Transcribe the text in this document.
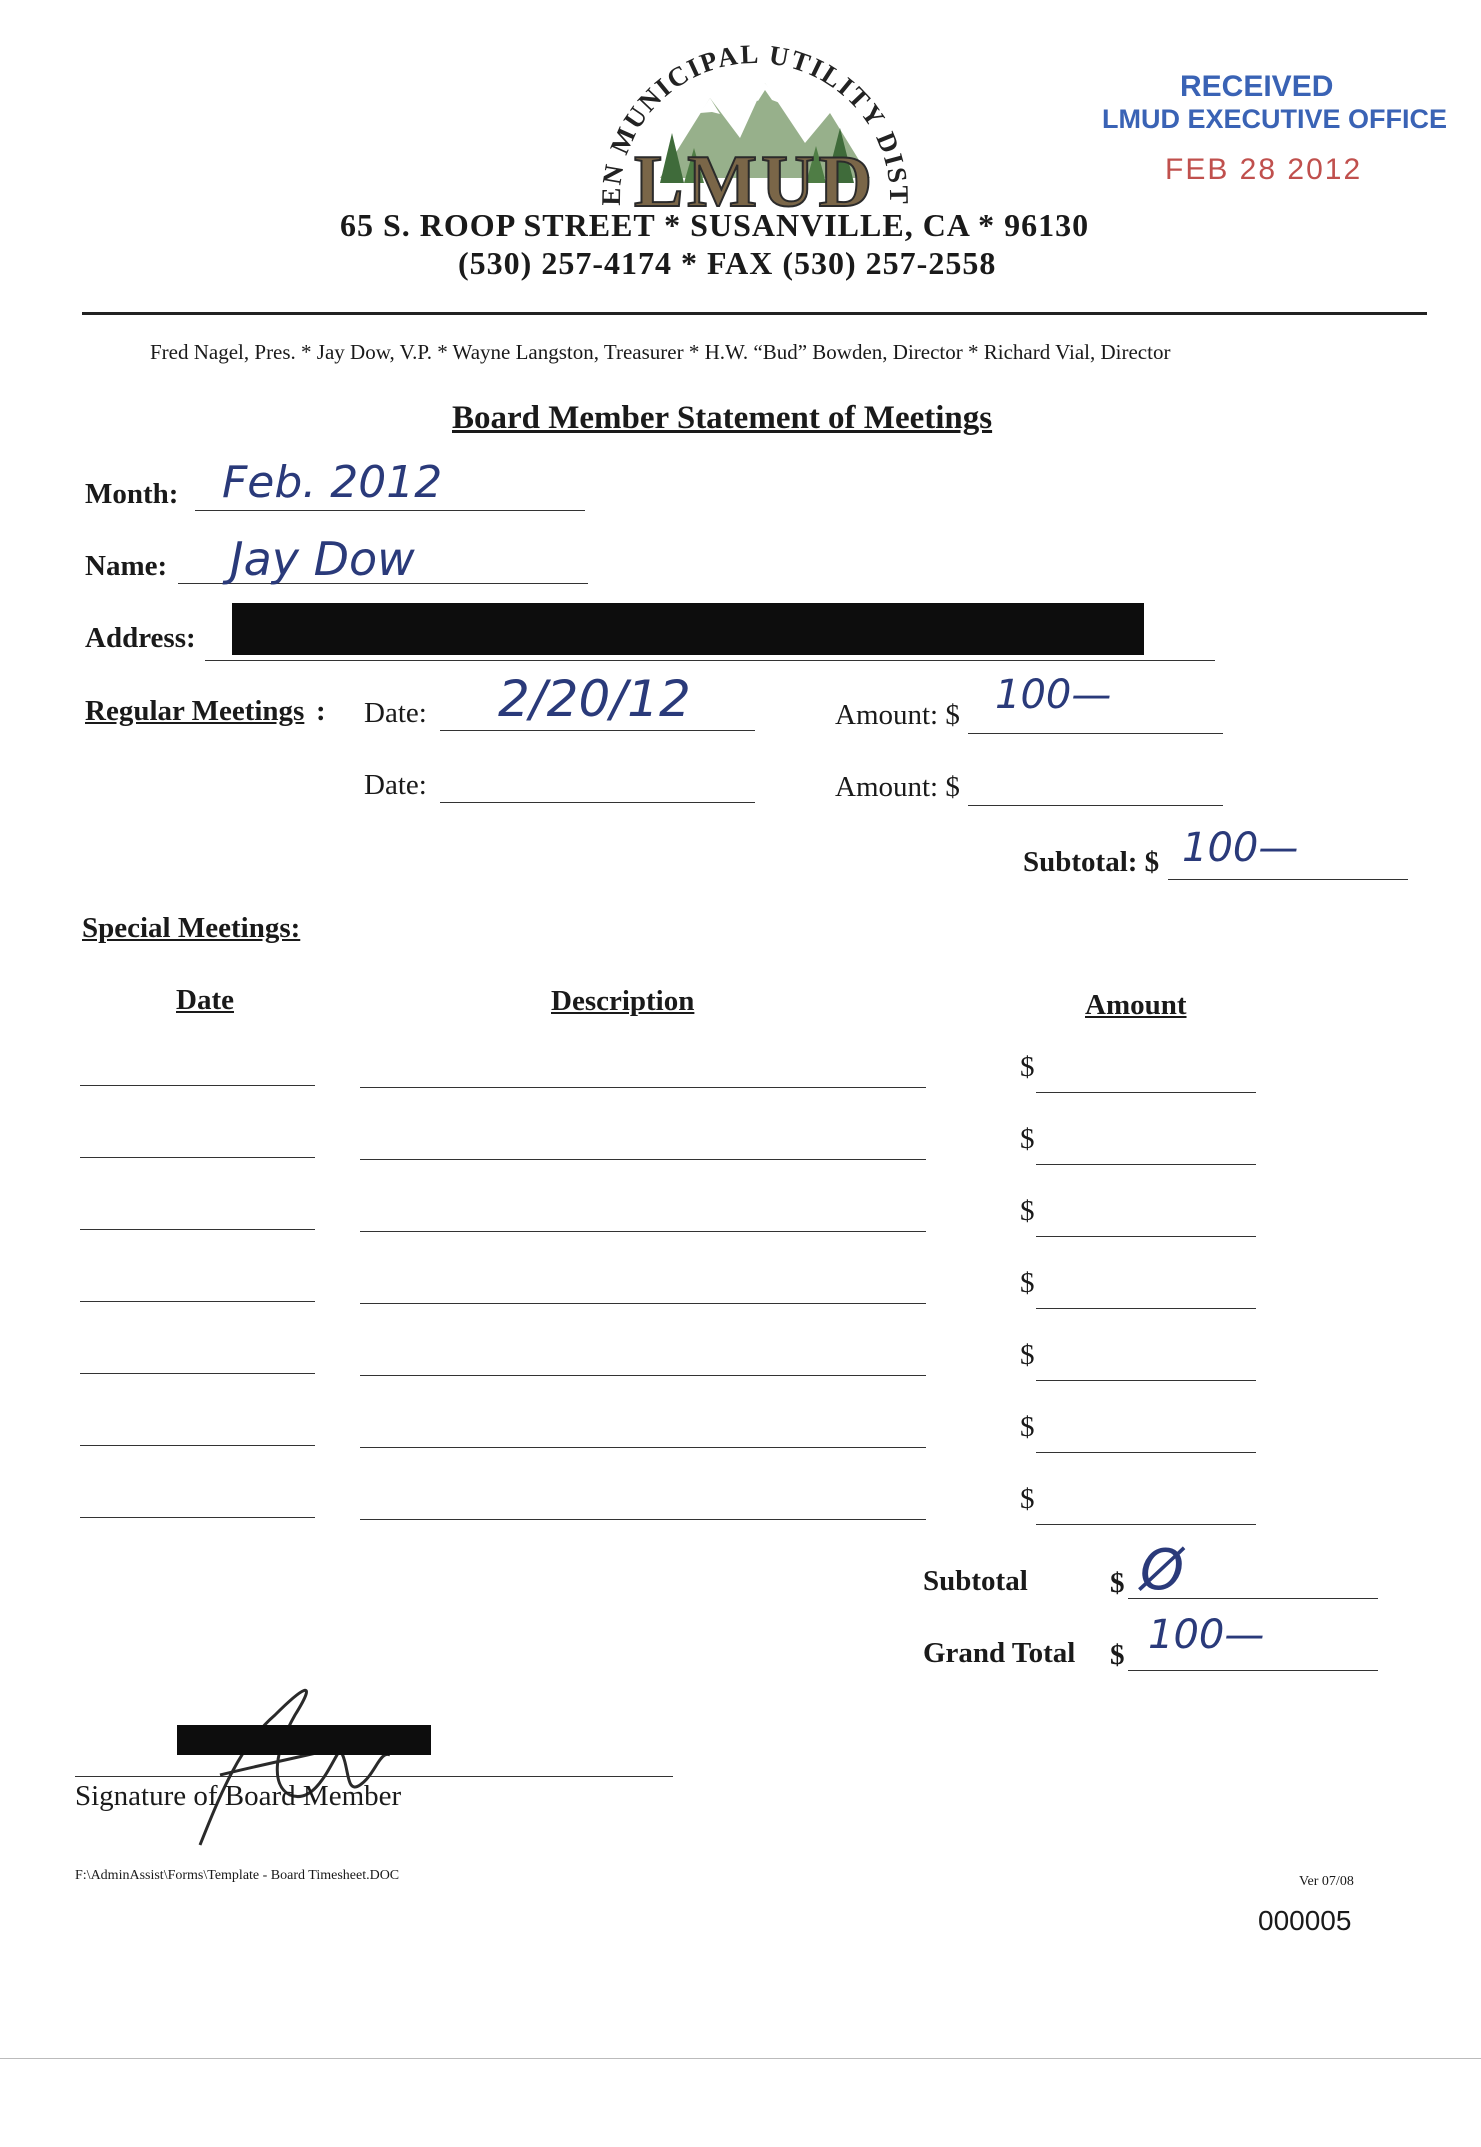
EN MUNICIPAL UTILITY DIST
LMUD
65 S. ROOP STREET * SUSANVILLE, CA * 96130
(530) 257-4174 * FAX (530) 257-2558
RECEIVED
LMUD EXECUTIVE OFFICE
FEB 28 2012
Fred Nagel, Pres. * Jay Dow, V.P. * Wayne Langston, Treasurer * H.W. “Bud” Bowden, Director * Richard Vial, Director
Board Member Statement of Meetings
Month: Feb. 2012
Name: Jay Dow
Address:
Regular Meetings : Date: 2/20/12	Amount: $ 100—
Date:	Amount: $
Subtotal: $ 100—
Special Meetings:
Date	Description	Amount
$
$
$
$
$
$
$
Subtotal	$ Ø
Grand Total $ 100—
Signature of Board Member
F:\AdminAssist\Forms\Template - Board Timesheet.DOC	Ver 07/08
000005
